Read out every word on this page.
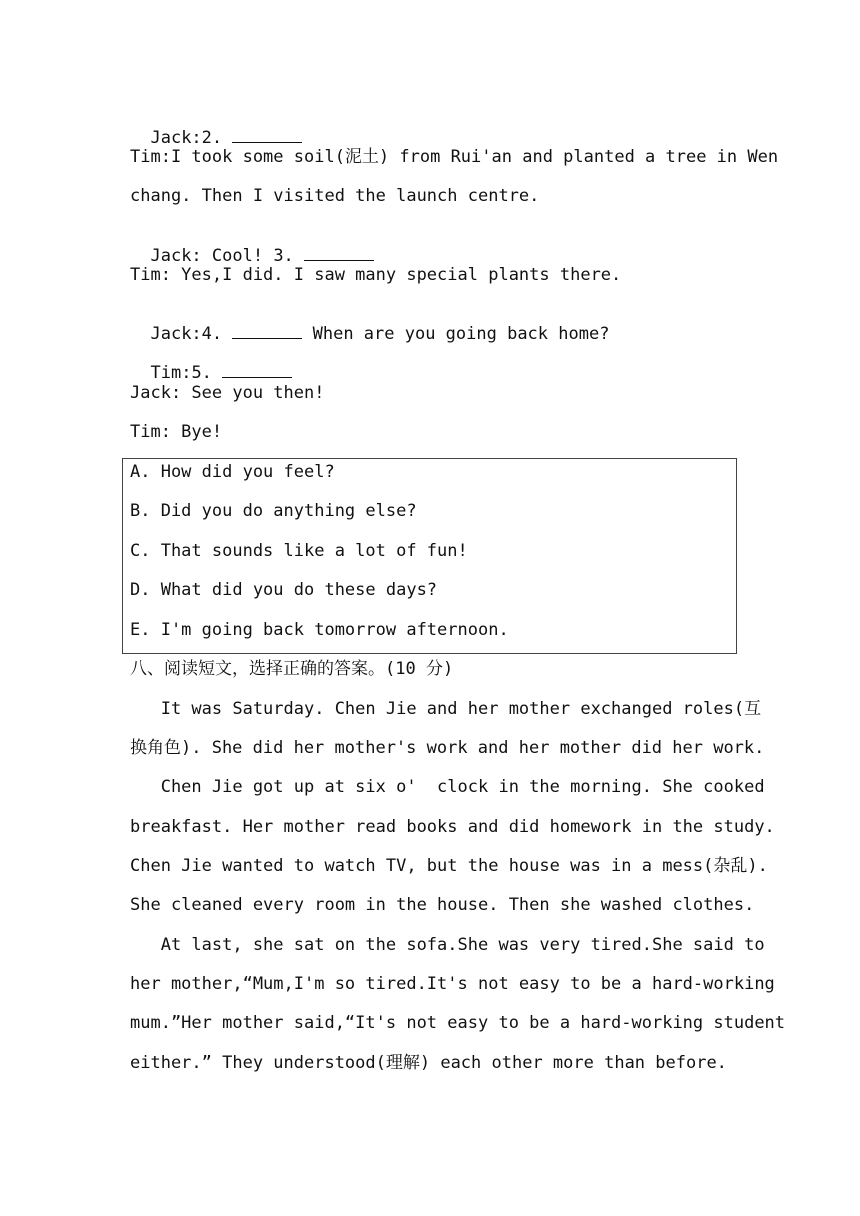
Jack:2.

Tim:I took some soil(泥土) from Rui'an and planted a tree in Wen
chang. Then I visited the launch centre.

Jack: Cool! 3.

Tim: Yes,I did. I saw many special plants there.

Jack:4.	When are you going back home?

Tim:5.

Jack: See you then!
Tim: Bye!
A. How did you feel?
B. Did you do anything else?
C. That sounds like a lot of fun!
D. What did you do these days?
E. I'm going back tomorrow afternoon.
八、阅读短文，选择正确的答案。(10 分)
It was Saturday. Chen Jie and her mother exchanged roles(互
换角色). She did her mother's work and her mother did her work.
Chen Jie got up at six o'  clock in the morning. She cooked
breakfast. Her mother read books and did homework in the study.
Chen Jie wanted to watch TV, but the house was in a mess(杂乱).
She cleaned every room in the house. Then she washed clothes.
At last, she sat on the sofa.She was very tired.She said to
her mother,“Mum,I'm so tired.It's not easy to be a hard-working
mum.”Her mother said,“It's not easy to be a hard-working student
either.” They understood(理解) each other more than before.
